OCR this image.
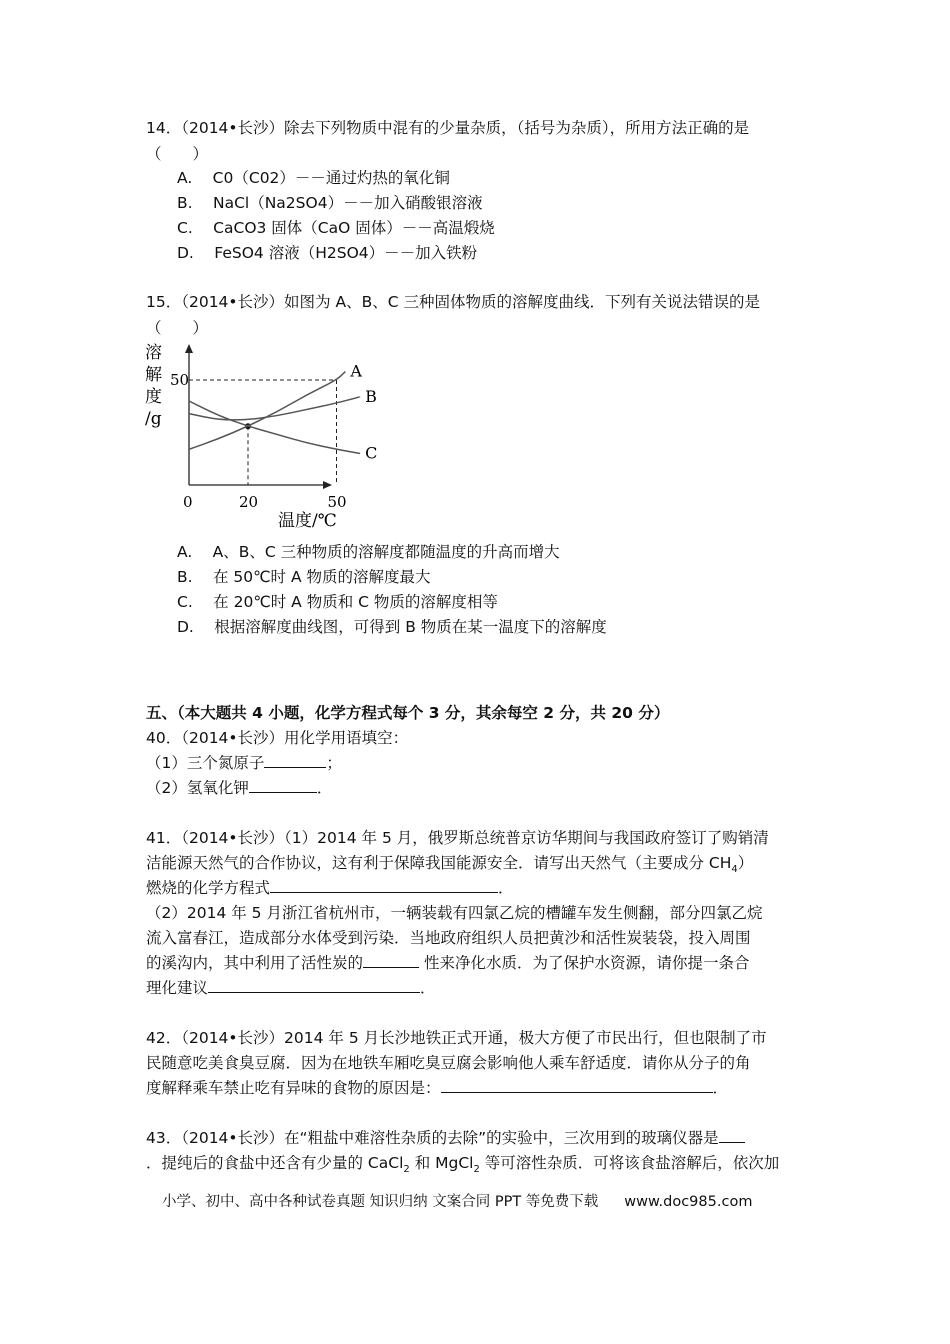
14．（2014•长沙）除去下列物质中混有的少量杂质，（括号为杂质），所用方法正确的是
（　　）
A.　 C0（C02）－－通过灼热的氧化铜
B.　 NaCl（Na2SO4）－－加入硝酸银溶液
C.　 CaCO3 固体（CaO 固体）－－高温煅烧
D.　 FeSO4 溶液（H2SO4）－－加入铁粉
15．（2014•长沙）如图为 A、B、C 三种固体物质的溶解度曲线．下列有关说法错误的是
（　　）
溶
解
度
/g
A
B
C
0	20	50
50
温度/℃
A.　 A、B、C 三种物质的溶解度都随温度的升高而增大
B.　 在 50℃时 A 物质的溶解度最大
C.　 在 20℃时 A 物质和 C 物质的溶解度相等
D.　 根据溶解度曲线图，可得到 B 物质在某一温度下的溶解度
五、（本大题共 4 小题，化学方程式每个 3 分，其余每空 2 分，共 20 分）
40．（2014•长沙）用化学用语填空：
（1）三个氮原子	；
（2）氢氧化钾	．
41．（2014•长沙）（1）2014 年 5 月，俄罗斯总统普京访华期间与我国政府签订了购销清
洁能源天然气的合作协议，这有利于保障我国能源安全．请写出天然气（主要成分 $CH_4$）
燃烧的化学方程式	．
（2）2014 年 5 月浙江省杭州市，一辆装载有四氯乙烷的槽罐车发生侧翻，部分四氯乙烷
流入富春江，造成部分水体受到污染．当地政府组织人员把黄沙和活性炭装袋，投入周围
的溪沟内，其中利用了活性炭的	性来净化水质．为了保护水资源，请你提一条合
理化建议	．
42．（2014•长沙）2014 年 5 月长沙地铁正式开通，极大方便了市民出行，但也限制了市
民随意吃美食臭豆腐．因为在地铁车厢吃臭豆腐会影响他人乘车舒适度．请你从分子的角
度解释乘车禁止吃有异味的食物的原因是：	．
43．（2014•长沙）在“粗盐中难溶性杂质的去除”的实验中，三次用到的玻璃仪器是
．提纯后的食盐中还含有少量的 CaCl$_2$ 和 MgCl$_2$ 等可溶性杂质．可将该食盐溶解后，依次加
小学、初中、高中各种试卷真题 知识归纳 文案合同 PPT 等免费下载 www.doc985.com
